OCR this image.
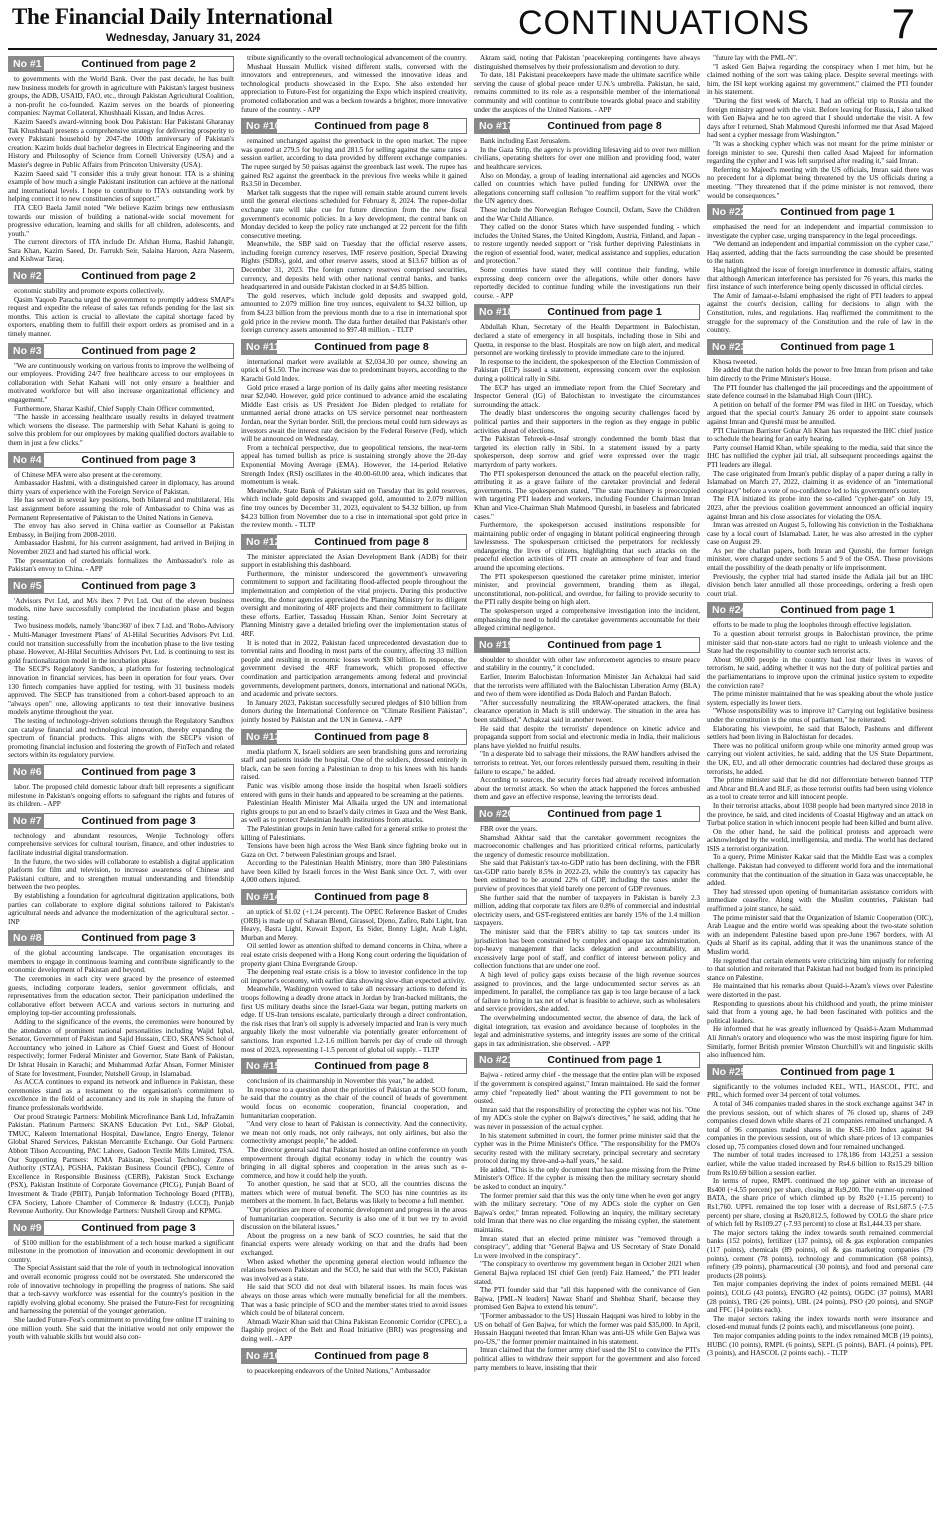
The Financial Daily International
Wednesday, January 31, 2024	CONTINUATIONS 7
No #1	Continued from page 2

to governments with the World Bank. Over the past decade, he has built new business models for growth in agriculture with Pakistan's largest business groups, the ADB, USAID, FAO, etc., through Pakistan Agricultural Coalition, a non-profit he co-founded. Kazim serves on the boards of pioneering companies: Naymat Collateral, Khushhaali Kissan, and Indus Acres.

Kazim Saeed's award-winning book Dou Pakistan: Har Pakistani Gharanay Tak Khushhaali presents a comprehensive strategy for delivering prosperity to every Pakistani household by 2047-the 100th anniversary of Pakistan's creation. Kazim holds dual bachelor degrees in Electrical Engineering and the History and Philosophy of Science from Cornell University (USA) and a Master's degree in Public Affairs from Princeton University (USA).

Kazim Saeed said "I consider this a truly great honour. ITA is a shining example of how much a single Pakistani institution can achieve at the national and international levels. I hope to contribute to ITA's outstanding work by helping connect it to new constituencies of support."

ITA CEO Baela Jamil noted "We believe Kazim brings new enthusiasm towards our mission of building a national-wide social movement for progressive education, learning and skills for all children, adolescents, and youth."

The current directors of ITA include Dr. Afshan Huma, Rashid Jahangir, Sara Khan, Kazim Saeed, Dr. Farrukh Seir, Salaina Haroon, Azra Naseem, and Kishwar Taraq.

No #2	Continued from page 2

economic stability and promote exports collectively.

Qasim Yaqoob Paracha urged the government to promptly address SMAP's request and expedite the release of sales tax refunds pending for the last six months. This action is crucial to alleviate the capital shortage faced by exporters, enabling them to fulfill their export orders as promised and in a timely manner.

No #3	Continued from page 2

"We are continuously working on various fronts to improve the wellbeing of our employees. Providing 24/7 free healthcare access to our employees in collaboration with Sehat Kahani will not only ensure a healthier and motivated workforce but will also increase organizational efficiency and engagement."

Furthermore, Sharaz Kashif, Chief Supply Chain Officer commented,

"The hassle in accessing healthcare usually results in delayed treatment which worsens the disease. The partnership with Sehat Kahani is going to solve this problem for our employees by making qualified doctors available to them in just a few clicks."

No #4	Continued from page 3

of Chinese MFA were also present at the ceremony.

Ambassador Hashmi, with a distinguished career in diplomacy, has around thirty years of experience with the Foreign Service of Pakistan.

He has served in several key positions, both bilateral and multilateral. His last assignment before assuming the role of Ambassador to China was as Permanent Representative of Pakistan to the United Nations in Geneva.

The envoy has also served in China earlier as Counsellor at Pakistan Embassy, in Beijing from 2008-2010.

Ambassador Hashmi, for his current assignment, had arrived in Beijing in November 2023 and had started his official work.

The presentation of credentials formalizes the Ambassador's role as Pakistan's envoy to China. - APP

No #5	Continued from page 3

'Advisors Pvt Ltd, and M/s ibex 7 Pvt Ltd. Out of the eleven business models, nine have successfully completed the incubation phase and begun testing.

Two business models, namely 'ibanc360' of ibex 7 Ltd. and 'Robo-Advisory - Multi-Manager Investment Plans' of Al-Hilal Securities Advisors Pvt Ltd. could not transition successfully from the incubation phase to the live testing phase. However, Al-Hilal Securities Advisors Pvt. Ltd. is continuing to test its gold fractionalization model in the incubation phase.

The SECP's Regulatory Sandbox, a platform for fostering technological innovation in financial services, has been in operation for four years. Over 130 fintech companies have applied for testing, with 31 business models approved. The SECP has transitioned from a cohort-based approach to an "always open" one, allowing applicants to test their innovative business models anytime throughout the year.

The testing of technology-driven solutions through the Regulatory Sandbox can catalyse financial and technological innovation, thereby expanding the spectrum of financial products. This aligns with the SECP's vision of promoting financial inclusion and fostering the growth of FinTech and related sectors within its regulatory purview.

No #6	Continued from page 3

labor. The proposed child domestic labour draft bill represents a significant milestone in Pakistan's ongoing efforts to safeguard the rights and futures of its children. - APP

No #7	Continued from page 3

technology and abundant resources, Wenjie Technology offers comprehensive services for cultural tourism, finance, and other industries to facilitate industrial digital transformation.

In the future, the two sides will collaborate to establish a digital application platform for film and television, to increase awareness of Chinese and Pakistani culture, and to strengthen mutual understanding and friendship between the two peoples.

By establishing a foundation for agricultural digitization applications, both parties can collaborate to explore digital solutions tailored to Pakistan's agricultural needs and advance the modernization of the agricultural sector. - INP

No #8	Continued from page 3

of the global accounting landscape. The organisation encourages its members to engage in continuous learning and contribute significantly to the economic development of Pakistan and beyond.

The ceremonies in each city were graced by the presence of esteemed guests, including corporate leaders, senior government officials, and representatives from the education sector. Their participation underlined the collaborative effort between ACCA and various sectors in nurturing and employing top-tier accounting professionals.

Adding to the significance of the events, the ceremonies were honoured by the attendance of prominent national personalities including Wajid Iqbal, Senator, Government of Pakistan and Sajid Hussain, CEO, SKANS School of Accountancy who joined in Lahore as Chief Guest and Guest of Honour respectively; former Federal Minister and Governor, State Bank of Pakistan, Dr Ishrat Husain in Karachi; and Muhammad Azfar Ahsan, Former Minister of State for Investment, Founder, Nutshell Group, in Islamabad.

As ACCA continues to expand its network and influence in Pakistan, these ceremonies stand as a testament to the organisation's commitment to excellence in the field of accountancy and its role in shaping the future of finance professionals worldwide.

Our proud Strategic Partners: Mobilink Microfinance Bank Ltd, InfraZamin Pakistan. Platinum Partners: SKANS Education Pvt Ltd., S&P Global, TMUC, Kaleem International Hospital, Dawlance, Engro Energy, Telenor Global Shared Services, Pakistan Mercantile Exchange. Our Gold Partners: Abbott Tilson Accounting, PAC Lahore, Gadoon Textile Mills Limited, TSA. Our Supporting Partners: ICMA Pakistan, Special Technology Zones Authority (STZA), PGSHA, Pakistan Business Council (PBC), Centre of Excellence in Responsible Business (CERB), Pakistan Stock Exchange (PSX), Pakistan Institute of Corporate Governance (PICG), Punjab Board of Investment & Trade (PBIT), Punjab Information Technology Board (PITB), CFA Society, Lahore Chamber of Commerce & Industry (LCCI), Punjab Revenue Authority. Our Knowledge Partners: Nutshell Group and KPMG.

No #9	Continued from page 3

of $100 million for the establishment of a tech house marked a significant milestone in the promotion of innovation and economic development in our country.

The Special Assistant said that the role of youth in technological innovation and overall economic progress could not be overstated. She underscored the role of innovative technology in propelling the progress of nations. She said that a tech-savvy workforce was essential for the country's position in the rapidly evolving global economy. She praised the Future-Fest for recognizing and harnessing the potential of the younger generation.

She lauded Future-Fest's commitment to providing free online IT training to one million youth. She said that the initiative would not only empower the youth with valuable skills but would also con-

tribute significantly to the overall technological advancement of the country.

Mushaal Hussain Mullick visited different stalls, conversed with the innovators and entrepreneurs, and witnessed the innovative ideas and technological products showcased in the Expo. She also extended her appreciation to Future-Fest for organizing the Expo which inspired creativity, promoted collaboration and was a beckon towards a brighter, more innovative future of the country. - APP

No #10	Continued from page 8

remained unchanged against the greenback in the open market. The rupee was quoted at 279.5 for buying and 281.5 for selling against the same rates a session earlier, according to data provided by different exchange companies. The rupee surged by 50 paisas against the greenback last week. The rupee has gained Rs2 against the greenback in the previous five weeks while it gained Rs3.50 in December.

Market talk suggests that the rupee will remain stable around current levels until the general elections scheduled for February 8, 2024. The rupee-dollar exchange rate will take cue for future direction from the new fiscal government's economic policies. In a key development, the central bank on Monday decided to keep the policy rate unchanged at 22 percent for the fifth consecutive meeting.

Meanwhile, the SBP said on Tuesday that the official reserve assets, including foreign currency reserves, IMF reserve position, Special Drawing Rights (SDRs), gold, and other reserve assets, stood at $13.67 billion as of December 31, 2023. The foreign currency reserves comprised securities, currency, and deposits held with other national central banks, and banks headquartered in and outside Pakistan clocked in at $4.85 billion.

The gold reserves, which include gold deposits and swapped gold, amounted to 2.079 million fine troy ounces, equivalent to $4.32 billion, up from $4.23 billion from the previous month due to a rise in international spot gold price in the review month. The data further detailed that Pakistan's other foreign currency assets amounted to $97.48 million. - TLTP

No #11	Continued from page 8

international market were available at $2,034.30 per ounce, showing an uptick of $1.50. The increase was due to predominant buyers, according to the Karachi Gold Index.

Gold price erased a large portion of its daily gains after meeting resistance near $2,040. However, gold price continued to advance amid the escalating Middle East crisis as US President Joe Biden pledged to retaliate for unmanned aerial drone attacks on US service personnel near northeastern Jordan, near the Syrian border. Still, the precious metal could turn sideways as investors await the interest rate decision by the Federal Reserve (Fed), which will be announced on Wednesday.

From a technical perspective, due to geopolitical tensions, the near-term appeal has turned bullish as price is sustaining strongly above the 20-day Exponential Moving Average (EMA). However, the 14-period Relative Strength Index (RSI) oscillates in the 40.00-60.00 area, which indicates that momentum is weak.

Meanwhile, State Bank of Pakistan said on Tuesday that its gold reserves, which include gold deposits and swapped gold, amounted to 2.079 million fine troy ounces by December 31, 2023, equivalent to $4.32 billion, up from $4.23 billion from November due to a rise in international spot gold price in the review month. - TLTP

No #12	Continued from page 8

The minister appreciated the Asian Development Bank (ADB) for their support in establishing this dashboard.

Furthermore, the minister underscored the government's unwavering commitment to support and facilitating flood-affected people throughout the implementation and completion of the vital projects. During this productive meeting, the donor agencies appreciated the Planning Ministry for its diligent oversight and monitoring of 4RF projects and their commitment to facilitate these efforts. Earlier, Tassaduq Hussain Khan, Senior Joint Secretary at Planning Ministry gave a detailed briefing over the implementation status of 4RF.

It is noted that in 2022, Pakistan faced unprecedented devastation due to torrential rains and flooding in most parts of the country, affecting 33 million people and resulting in economic losses worth $30 billion. In response, the government devised the 4RF framework, which proposed effective coordination and participation arrangements among federal and provincial governments, development partners, donors, international and national NGOs, and academic and private sectors.

In January 2023, Pakistan successfully secured pledges of $10 billion from donors during the International Conference on "Climate Resilient Pakistan", jointly hosted by Pakistan and the UN in Geneva. - APP

No #13	Continued from page 8

media platform X, Israeli soldiers are seen brandishing guns and terrorizing staff and patients inside the hospital. One of the soldiers, dressed entirely in black, can be seen forcing a Palestinian to drop to his knees with his hands raised.

Panic was visible among those inside the hospital when Israeli soldiers entered with guns in their hands and appeared to be screaming at the patients.

Palestinian Health Minister Mai Alkaila urged the UN and international rights groups to put an end to Israel's daily crimes in Gaza and the West Bank, as well as to protect Palestinian health institutions from attacks.

The Palestinian groups in Jenin have called for a general strike to protest the killing of Palestinians.

Tensions have been high across the West Bank since fighting broke out in Gaza on Oct. 7 between Palestinian groups and Israel.

According to the Palestinian Health Ministry, more than 380 Palestinians have been killed by Israeli forces in the West Bank since Oct. 7, with over 4,000 others injured.

No #14	Continued from page 8

an uptick of $1.02 (+1.24 percent). The OPEC Reference Basket of Crudes (ORB) is made up of Saharan Blend, Girassol, Djeno, Zafiro, Rabi Light, Iran Heavy, Basra Light, Kuwait Export, Es Sider, Bonny Light, Arab Light, Murban and Merey.

Oil settled lower as attention shifted to demand concerns in China, where a real estate crisis deepened with a Hong Kong court ordering the liquidation of property giant China Evergrande Group.

The deepening real estate crisis is a blow to investor confidence in the top oil importer's economy, with earlier data showing slow-than expected activity.

Meanwhile, Washington vowed to take all necessary actions to defend its troops following a deadly drone attack in Jordan by Iran-backed militants, the first US military deaths since the Israel-Gaza war began, putting markets on edge. If US-Iran tensions escalate, particularly through a direct confrontation, the risk rises that Iran's oil supply is adversely impacted and Iran is very much arguably likely the most vulnerable via potentially greater enforcement of sanctions. Iran exported 1.2-1.6 million barrels per day of crude oil through most of 2023, representing 1-1.5 percent of global oil supply. - TLTP

No #15	Continued from page 8

conclusion of its chairmanship in November this year," he added.

In response to a question about the priorities of Pakistan at the SCO forum, he said that the country as the chair of the council of heads of government would focus on economic cooperation, financial cooperation, and humanitarian cooperation.

"And very close to heart of Pakistan is connectivity. And the connectivity, we mean not only roads, not only railways, not only airlines, but also the connectivity amongst people," he added.

The director general said that Pakistan hosted an online conference on youth empowerment through digital economy today in which the country was bringing in all digital spheres and cooperation in the areas such as e-commerce, and how it could help the youth.

To another question, he said that at SCO, all the countries discuss the matters which were of mutual benefit. The SCO has nine countries as its members at the moment. In fact, Belarus was likely to become a full member.

"Our priorities are more of economic development and progress in the areas of humanitarian cooperation. Security is also one of it but we try to avoid discussion on the bilateral issues."

About the progress on a new bank of SCO countries, he said that the financial experts were already working on that and the drafts had been exchanged.

When asked whether the upcoming general election would influence the relations between Pakistan and the SCO, he said that with the SCO, Pakistan was involved as a state.

He said that SCO did not deal with bilateral issues. Its main focus was always on those areas which were mutually beneficial for all the members. That was a basic principle of SCO and the member states tried to avoid issues which could be of bilateral concern.

Ahmadi Wazir Khan said that China Pakistan Economic Corridor (CPEC), a flagship project of the Belt and Road Initiative (BRI) was progressing and doing well. - APP

No #16	Continued from page 8

to peacekeeping endeavors of the United Nations," Ambassador

Akram said, noting that Pakistan 'peacekeeping contingents have always distinguished themselves by their professionalism and devotion to duty.

To date, 181 Pakistani peacekeepers have made the ultimate sacrifice while serving the cause of global peace under U.N.'s umbrella. Pakistan, he said, remains committed to its role as a responsible member of the international community and will continue to contribute towards global peace and stability under the auspices of the United Nations. - APP

No #17	Continued from page 8

Bank including East Jerusalem.

In the Gaza Strip, the agency is providing lifesaving aid to over two million civilians, operating shelters for over one million and providing food, water and healthcare services.

Also on Monday, a group of leading international aid agencies and NGOs called on countries which have pulled funding for UNRWA over the allegations concerning staff collusion "to reaffirm support for the vital work" the UN agency does.

These include the Norwegian Refugee Council, Oxfam, Save the Children and the War Child Alliance.

They called on the donor States which have suspended funding - which includes the United States, the United Kingdom, Austria, Finland, and Japan - to restore urgently needed support or "risk further depriving Palestinians in the region of essential food, water, medical assistance and supplies, education and protection."

Some countries have stated they will continue their funding, while expressing deep concern over the allegations, while other donors have reportedly decided to continue funding while the investigations run their course. - APP

No #18	Continued from page 1

Abdullah Khan, Secretary of the Health Department in Balochistan, declared a state of emergency in all hospitals, including those in Sibi and Quetta, in response to the blast. Hospitals are now on high alert, and medical personnel are working tirelessly to provide immediate care to the injured.

In response to the incident, the spokesperson of the Election Commission of Pakistan (ECP) issued a statement, expressing concern over the explosion during a political rally in Sibi.

The ECP has urged an immediate report from the Chief Secretary and Inspector General (IG) of Balochistan to investigate the circumstances surrounding the attack.

The deadly blast underscores the ongoing security challenges faced by political parties and their supporters in the region as they engage in public activities ahead of elections.

The Pakistan Tehreek-e-Insaf strongly condemned the bomb blast that targeted its election rally in Sibi. In a statement issued by a party spokesperson, deep sorrow and grief were expressed over the tragic martyrdom of party workers.

The PTI spokesperson denounced the attack on the peaceful election rally, attributing it as a grave failure of the caretaker provincial and federal governments. The spokesperson stated, "The state machinery is preoccupied with targeting PTI leaders and workers, including Founder Chairman Imran Khan and Vice-Chairman Shah Mahmood Qureshi, in baseless and fabricated cases."

Furthermore, the spokesperson accused institutions responsible for maintaining public order of engaging in blatant political engineering through lawlessness. The spokesperson criticised the perpetrators for recklessly endangering the lives of citizens, highlighting that such attacks on the peaceful election activities of PTI create an atmosphere of fear and fraud around the upcoming elections.

The PTI spokesperson questioned the caretaker prime minister, interior minister, and provincial government, branding them as illegal, unconstitutional, non-political, and overdue, for failing to provide security to the PTI rally despite being on high alert.

The spokesperson urged a comprehensive investigation into the incident, emphasising the need to hold the caretaker governments accountable for their alleged criminal negligence.

No #19	Continued from page 1

shoulder to shoulder with other law enforcement agencies to ensure peace and stability in the country," it concluded.

Earlier, Interim Balochistan Information Minister Jan Achakzai had said that the terrorists were affiliated with the Balochistan Liberation Army (BLA) and two of them were identified as Doda Baloch and Pardan Baloch.

"After successfully neutralizing the #RAW-operated attackers, the final clearance operation in Mach is still underway. The situation in the area has been stabilised," Achakzai said in another tweet.

He said that despite the terrorists' dependence on kinetic advice and propaganda support from social and electronic media in India, their malicious plans have yielded no fruitful results.

"In a desperate bid to salvage their missions, the RAW handlers advised the terrorists to retreat. Yet, our forces relentlessly pursued them, resulting in their failure to escape," he added.

According to sources, the security forces had already received information about the terrorist attack. So when the attack happened the forces ambushed them and gave an effective response, leaving the terrorists dead.

No #20	Continued from page 1

FBR over the years.

Shamshad Akhtar said that the caretaker government recognizes the macroeconomic challenges and has prioritized critical reforms, particularly the urgency of domestic resource mobilization.

She said that Pakistan's tax-to-GDP ratio has been declining, with the FBR tax-GDP ratio barely 8.5% in 2022-23, while the country's tax capacity has been estimated to be around 22% of GDP, including the taxes under the purview of provinces that yield barely one percent of GDP revenues.

She further said that the number of taxpayers in Pakistan is barely 2.3 million, adding that corporate tax filers are 0.8% of commercial and industrial electricity users, and GST-registered entities are barely 15% of the 1.4 million taxpayers.

The minister said that the FBR's ability to tap tax sources under its jurisdiction has been constrained by complex and opaque tax administration, top-heavy management that lacks delegation and accountability, an excessively large pool of staff, and conflict of interest between policy and collection functions that are under one roof.

A high level of policy gaps exists because of the high revenue sources assigned to provinces, and the large undocumented sector serves as an impediment. In parallel, the compliance tax gap is too large because of a lack of failure to bring in tax net of what is feasible to achieve, such as wholesalers and service providers, she added.

The overwhelming undocumented sector, the absence of data, the lack of digital integration, tax evasion and avoidance because of loopholes in the legal and administrative systems, and integrity issues are some of the critical gaps in tax administration, she observed. - APP

No #21	Continued from page 1

Bajwa - retired army chief - the message that the entire plan will be exposed if the government is conspired against," Imran maintained. He said the former army chief "repeatedly lied" about wanting the PTI government to not be ousted.

Imran said that the responsibility of protecting the cypher was not his. "One of my ADCs stole the cypher on Bajwa's directives," he said, adding that he was never in possession of the actual cypher.

In his statement submitted in court, the former prime minister said that the cypher was in the Prime Minister's Office. "The responsibility for the PMO's security rested with the military secretary, principal secretary and secretary protocol during my three-and-a-half years," he said.

He added, "This is the only document that has gone missing from the Prime Minister's Office. If the cypher is missing then the military secretary should be asked to conduct an inquiry."

The former premier said that this was the only time when he even got angry with the military secretary. "One of my ADCs stole the cypher on Gen Bajwa's order," Imran repeated. Following an inquiry, the military secretary told Imran that there was no clue regarding the missing cypher, the statement maintains.

Imran stated that an elected prime minister was "removed through a conspiracy", adding that "General Bajwa and US Secretary of State Donald Lu were involved in the conspiracy".

"The conspiracy to overthrow my government began in October 2021 when General Bajwa replaced ISI chief Gen (retd) Faiz Hameed," the PTI leader stated.

The PTI founder said that "all this happened with the connivance of Gen Bajwa, [PML-N leaders] Nawaz Sharif and Shehbaz Sharif, because they promised Gen Bajwa to extend his tenure".

"[Former ambassador to the US] Hussain Haqqani was hired to lobby in the US on behalf of Gen Bajwa, for which the former was paid $35,000. In April, Hussain Haqqani tweeted that Imran Khan was anti-US while Gen Bajwa was pro-US," the former premier maintained in his statement.

Imran claimed that the former army chief used the ISI to convince the PTI's political allies to withdraw their support for the government and also forced party members to leave, insisting that their

"future lay with the PML-N".

"I asked Gen Bajwa regarding the conspiracy when I met him, but he claimed nothing of the sort was taking place. Despite several meetings with him, the ISI kept working against my government," claimed the PTI founder in his statement.

"During the first week of March, I had an official trip to Russia and the foreign ministry agreed with the visit. Before leaving for Russia, I also talked with Gen Bajwa and he too agreed that I should undertake the visit. A few days after I returned, Shah Mahmood Qureshi informed me that Asad Majeed had sent a cypher message from Washington."

"It was a shocking cypher which was not meant for the prime minister or foreign minister to see. Qureshi then called Asad Majeed for information regarding the cypher and I was left surprised after reading it," said Imran.

Referring to Majeed's meeting with the US officials, Imran said there was no precedent for a diplomat being threatened by the US officials during a meeting. "They threatened that if the prime minister is not removed, there would be consequences."

No #22	Continued from page 1

emphasised the need for an independent and impartial commission to investigate the cypher case, urging transparency in the legal proceedings.

"We demand an independent and impartial commission on the cypher case," Haq asserted, adding that the facts surrounding the case should be presented to the nation.

Haq highlighted the issue of foreign interference in domestic affairs, stating that although American interference has persisted for 76 years, this marks the first instance of such interference being openly discussed in official circles.

The Amir of Jamaat-e-Islami emphasised the right of PTI leaders to appeal against the court's decision, calling for decisions to align with the Constitution, rules, and regulations. Haq reaffirmed the commitment to the struggle for the supremacy of the Constitution and the rule of law in the country.

No #23	Continued from page 1

Khosa tweeted.

He added that the nation holds the power to free Imran from prison and take him directly to the Prime Minister's House.

The PTI founder has challenged the jail proceedings and the appointment of state defence counsel in the Islamabad High Court (IHC).

A petition on behalf of the former PM was filed in IHC on Tuesday, which argued that the special court's January 26 order to appoint state counsels against Imran and Qureshi must be annulled.

PTI Chairman Barrister Gohar Ali Khan has requested the IHC chief justice to schedule the hearing for an early hearing.

Party counsel Hamid Khan, while speaking to the media, said that since the IHC has nullified the cypher jail trial, all subsequent proceedings against the PTI leaders are illegal.

The case originated from Imran's public display of a paper during a rally in Islamabad on March 27, 2022, claiming it as evidence of an "international conspiracy" before a vote of no-confidence led to his government's ouster.

The FIA initiated its probe into the so-called "cypher-gate" on July 19, 2023, after the previous coalition government announced an official inquiry against Imran and his close associates for violating the OSA.

Imran was arrested on August 5, following his conviction in the Toshakhana case by a local court of Islamabad. Later, he was also arrested in the cypher case on August 29.

As per the challan papers, both Imran and Qureshi, the former foreign minister, were charged under sections 5 and 9 of the OSA. These provisions entail the possibility of the death penalty or life imprisonment.

Previously, the cypher trial had started inside the Adiala jail but an IHC division bench later annulled all those proceedings, ordering a fresh open court trial.

No #24	Continued from page 1

efforts to be made to plug the loopholes through effective legislation.

To a question about terrorist groups in Balochistan province, the prime minister said that non-state actors had no right to unleash violence and the State had the responsibility to counter such terrorist acts.

About 90,000 people in the country had lost their lives in waves of terrorism, he said, adding whether it was not the duty of political parties and the parliamentarians to improve upon the criminal justice system to expedite the conviction rate?

The prime minister maintained that he was speaking about the whole justice system, especially its lower tiers.

"Whose responsibility was to improve it? Carrying out legislative business under the constitution is the onus of parliament," he reiterated.

Elaborating his viewpoint, he said that Baloch, Pashtuns and different settlers had been living in Balochistan for decades.

There was no political uniform group while one minority armed group was carrying out violent activities, he said, adding that the US State Department, the UK, EU, and all other democratic countries had declared these groups as terrorists, he added.

The prime minister said that he did not differentiate between banned TTP and Abrar and BLA and BLF, as those terrorist outfits had been using violence as a tool to create terror and kill innocent people.

In their terrorist attacks, about 1038 people had been martyred since 2018 in the province, he said, and cited incidents of Coastal Highway and an attack on Turbat police station in which innocent people had been killed and burnt alive.

On the other hand, he said the political protests and approach were acknowledged by the world, intelligentsia, and media. The world has declared ISIS a terrorist organization.

To a query, Prime Minister Kakar said that the Middle East was a complex challenge. Pakistan had conveyed to different world fora and the international community that the continuation of the situation in Gaza was unacceptable, he added.

They had stressed upon opening of humanitarian assistance corridors with immediate ceasefire. Along with the Muslim countries, Pakistan had reaffirmed a joint stance, he said.

The prime minister said that the Organization of Islamic Cooperation (OIC), Arab League and the entire world was speaking about the two-state solution with an independent Palestine based upon pre-June 1967 borders, with Al Quds al Sharif as its capital, adding that it was the unanimous stance of the Muslim world.

He regretted that certain elements were criticizing him unjustly for referring to that solution and reiterated that Pakistan had not budged from its principled stance on Palestine.

He maintained that his remarks about Quaid-i-Azam's views over Palestine were distorted in the past.

Responding to questions about his childhood and youth, the prime minister said that from a young age, he had been fascinated with politics and the political leaders.

He informed that he was greatly influenced by Quaid-i-Azam Muhammad Ali Jinnah's oratory and eloquence who was the most inspiring figure for him. Similarly, former British premier Winston Churchill's wit and linguistic skills also influenced him.

No #25	Continued from page 1

significantly to the volumes included KEL, WTL, HASCOL, PTC, and PRL, which formed over 34 percent of total volumes.

A total of 346 companies traded shares in the stock exchange against 347 in the previous session, out of which shares of 76 closed up, shares of 249 companies closed down while shares of 21 companies remained unchanged. A total of 96 companies traded shares in the KSE-100 Index against 94 companies in the previous session, out of which share prices of 13 companies closed up, 75 companies closed down and four remained unchanged.

The number of total trades increased to 178,186 from 143,251 a session earlier, while the value traded increased by Rs4.6 billion to Rs15.29 billion from Rs10.69 billion a session earlier.

In terms of rupee, RMPL continued the top gainer with an increase of Rs400 (+4.55 percent) per share, closing at Rs9,200. The runner-up remained BATA, the share price of which climbed up by Rs20 (+1.15 percent) to Rs1,760. UPFL remained the top loser with a decrease of Rs1,687.5 (-7.5 percent) per share, closing at Rs20,812.5, followed by COLG the share price of which fell by Rs109.27 (-7.93 percent) to close at Rs1,444.33 per share.

The major sectors taking the index towards south remained commercial banks (152 points), fertilizer (137 points), oil & gas exploration companies (117 points), chemicals (89 points), oil & gas marketing companies (79 points), cement (78 points), technology and communication (68 points), refinery (39 points), pharmaceutical (30 points), and food and personal care products (28 points).

Ten major companies depriving the index of points remained MEBL (44 points), COLG (43 points), ENGRO (42 points), OGDC (37 points), MARI (28 points), TRG (26 points), UBL (24 points), PSO (20 points), and SNGP and FFC (14 points each).

The major sectors taking the index towards north were insurance and closed-end mutual funds (2 points each), and miscellaneous (one point).

Ten major companies adding points to the index remained MCB (19 points), HUBC (10 points), RMPL (6 points), SEPL (5 points), BAFL (4 points), PPL (3 points), and HASCOL (2 points each). - TLTP
